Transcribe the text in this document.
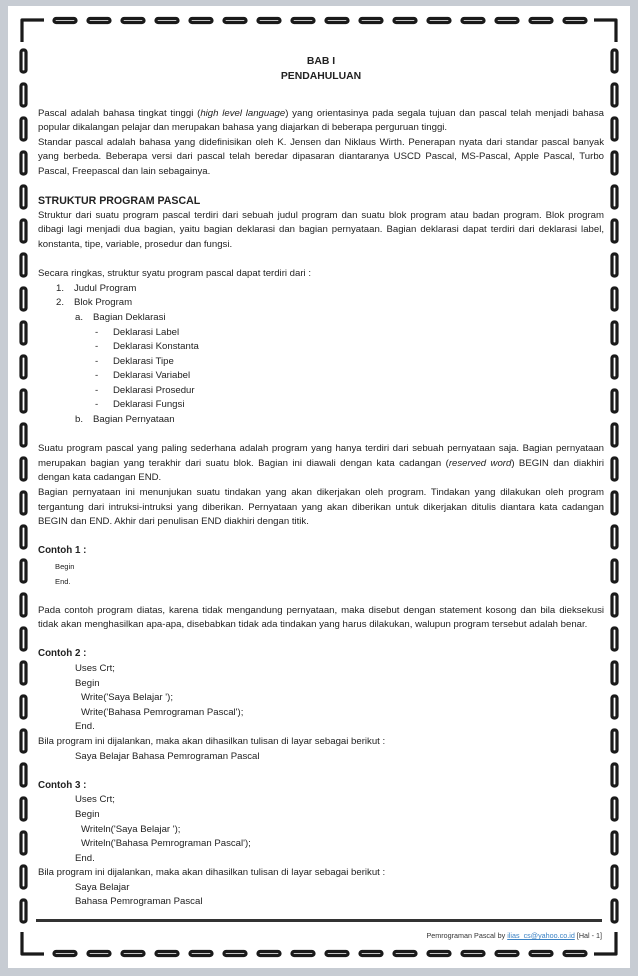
BAB I
PENDAHULUAN

Pascal adalah bahasa tingkat tinggi (high level language) yang orientasinya pada segala tujuan dan pascal telah menjadi bahasa popular dikalangan pelajar dan merupakan bahasa yang diajarkan di beberapa perguruan tinggi.

Standar pascal adalah bahasa yang didefinisikan oleh K. Jensen dan Niklaus Wirth. Penerapan nyata dari standar pascal banyak yang berbeda. Beberapa versi dari pascal telah beredar dipasaran diantaranya USCD Pascal, MS-Pascal, Apple Pascal, Turbo Pascal, Freepascal dan lain sebagainya.

STRUKTUR PROGRAM PASCAL

Struktur dari suatu program pascal terdiri dari sebuah judul program dan suatu blok program atau badan program. Blok program dibagi lagi menjadi dua bagian, yaitu bagian deklarasi dan bagian pernyataan. Bagian deklarasi dapat terdiri dari deklarasi label, konstanta, tipe, variable, prosedur dan fungsi.

Secara ringkas, struktur syatu program pascal dapat terdiri dari :

1.	Judul Program
2.	Blok Program
a.	Bagian Deklarasi
-	Deklarasi Label
-	Deklarasi Konstanta
-	Deklarasi Tipe
-	Deklarasi Variabel
-	Deklarasi Prosedur
-	Deklarasi Fungsi
b.	Bagian Pernyataan

Suatu program pascal yang paling sederhana adalah program yang hanya terdiri dari sebuah pernyataan saja. Bagian pernyataan merupakan bagian yang terakhir dari suatu blok. Bagian ini diawali dengan kata cadangan (reserved word) BEGIN dan diakhiri dengan kata cadangan END.

Bagian pernyataan ini menunjukan suatu tindakan yang akan dikerjakan oleh program. Tindakan yang dilakukan oleh program tergantung dari intruksi-intruksi yang diberikan. Pernyataan yang akan diberikan untuk dikerjakan ditulis diantara kata cadangan BEGIN dan END. Akhir dari penulisan END diakhiri dengan titik.

Contoh 1 :

Begin
End.

Pada contoh program diatas, karena tidak mengandung pernyataan, maka disebut dengan statement kosong dan bila dieksekusi tidak akan menghasilkan apa-apa, disebabkan tidak ada tindakan yang harus dilakukan, walupun program tersebut adalah benar.

Contoh 2 :

Uses Crt;
Begin
Write('Saya Belajar ');
Write('Bahasa Pemrograman Pascal');
End.

Bila program ini dijalankan, maka akan dihasilkan tulisan di layar sebagai berikut :

Saya Belajar Bahasa Pemrograman Pascal

Contoh 3 :

Uses Crt;
Begin
Writeln('Saya Belajar ');
Writeln('Bahasa Pemrograman Pascal');
End.

Bila program ini dijalankan, maka akan dihasilkan tulisan di layar sebagai berikut :

Saya Belajar
Bahasa Pemrograman Pascal
Pemrograman Pascal by ilias_cs@yahoo.co.id [Hal - 1]
